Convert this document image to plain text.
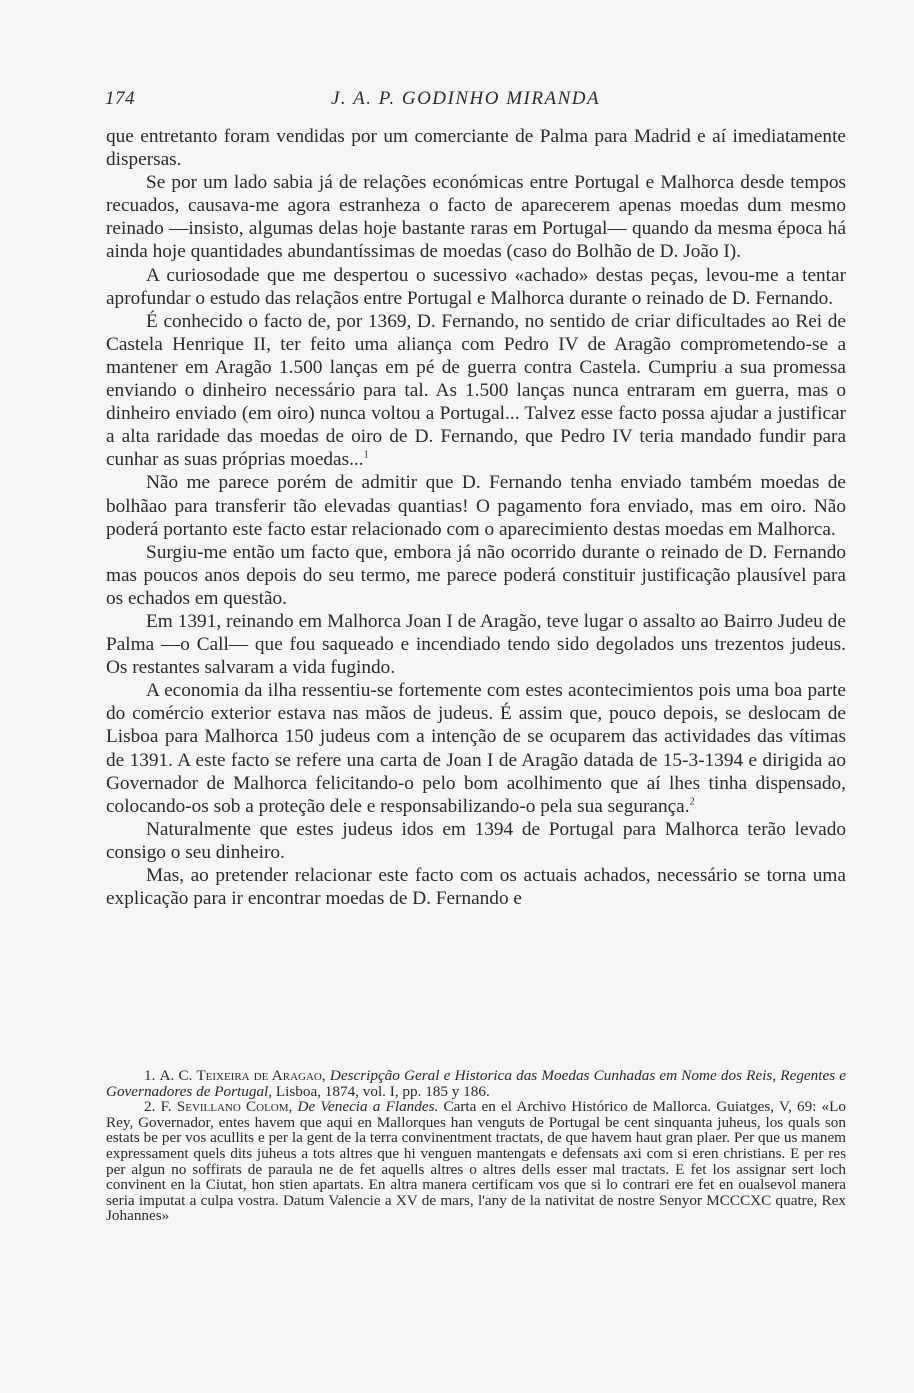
174	J. A. P. GODINHO MIRANDA

que entretanto foram vendidas por um comerciante de Palma para Madrid e aí imediatamente dispersas.

Se por um lado sabia já de relações económicas entre Portugal e Malhorca desde tempos recuados, causava-me agora estranheza o facto de aparecerem apenas moedas dum mesmo reinado —insisto, algumas delas hoje bastante raras em Portugal— quando da mesma época há ainda hoje quantidades abundantíssimas de moedas (caso do Bolhão de D. João I).

A curiosodade que me despertou o sucessivo «achado» destas peças, levou-me a tentar aprofundar o estudo das relaçãos entre Portugal e Malhorca durante o reinado de D. Fernando.

É conhecido o facto de, por 1369, D. Fernando, no sentido de criar dificultades ao Rei de Castela Henrique II, ter feito uma aliança com Pedro IV de Aragão comprometendo-se a mantener em Aragão 1.500 lanças em pé de guerra contra Castela. Cumpriu a sua promessa enviando o dinheiro necessário para tal. As 1.500 lanças nunca entraram em guerra, mas o dinheiro enviado (em oiro) nunca voltou a Portugal... Talvez esse facto possa ajudar a justificar a alta raridade das moedas de oiro de D. Fernando, que Pedro IV teria mandado fundir para cunhar as suas próprias moedas...$^1$

Não me parece porém de admitir que D. Fernando tenha enviado também moedas de bolhãao para transferir tão elevadas quantias! O pagamento fora enviado, mas em oiro. Não poderá portanto este facto estar relacionado com o aparecimiento destas moedas em Malhorca.

Surgiu-me então um facto que, embora já não ocorrido durante o reinado de D. Fernando mas poucos anos depois do seu termo, me parece poderá constituir justificação plausível para os echados em questão.

Em 1391, reinando em Malhorca Joan I de Aragão, teve lugar o assalto ao Bairro Judeu de Palma —o Call— que fou saqueado e incendiado tendo sido degolados uns trezentos judeus. Os restantes salvaram a vida fugindo.

A economia da ilha ressentiu-se fortemente com estes acontecimientos pois uma boa parte do comércio exterior estava nas mãos de judeus. É assim que, pouco depois, se deslocam de Lisboa para Malhorca 150 judeus com a intenção de se ocuparem das actividades das vítimas de 1391. A este facto se refere una carta de Joan I de Aragão datada de 15-3-1394 e dirigida ao Governador de Malhorca felicitando-o pelo bom acolhimento que aí lhes tinha dispensado, colocando-os sob a proteção dele e responsabilizando-o pela sua segurança.$^2$

Naturalmente que estes judeus idos em 1394 de Portugal para Malhorca terão levado consigo o seu dinheiro.

Mas, ao pretender relacionar este facto com os actuais achados, necessário se torna uma explicação para ir encontrar moedas de D. Fernando e

1. A. C. Teixeira de Aragao, Descripção Geral e Historica das Moedas Cunhadas em Nome dos Reis, Regentes e Governadores de Portugal, Lisboa, 1874, vol. I, pp. 185 y 186.

2. F. Sevillano Colom, De Venecia a Flandes. Carta en el Archivo Histórico de Mallorca. Guiatges, V, 69: «Lo Rey, Governador, entes havem que aqui en Mallorques han venguts de Portugal be cent sinquanta juheus, los quals son estats be per vos acullits e per la gent de la terra convinentment tractats, de que havem haut gran plaer. Per que us manem expressament quels dits juheus a tots altres que hi venguen mantengats e defensats axi com si eren christians. E per res per algun no soffirats de paraula ne de fet aquells altres o altres dells esser mal tractats. E fet los assignar sert loch convinent en la Ciutat, hon stien apartats. En altra manera certificam vos que si lo contrari ere fet en oualsevol manera seria imputat a culpa vostra. Datum Valencie a XV de mars, l'any de la nativitat de nostre Senyor MCCCXC quatre, Rex Johannes»
